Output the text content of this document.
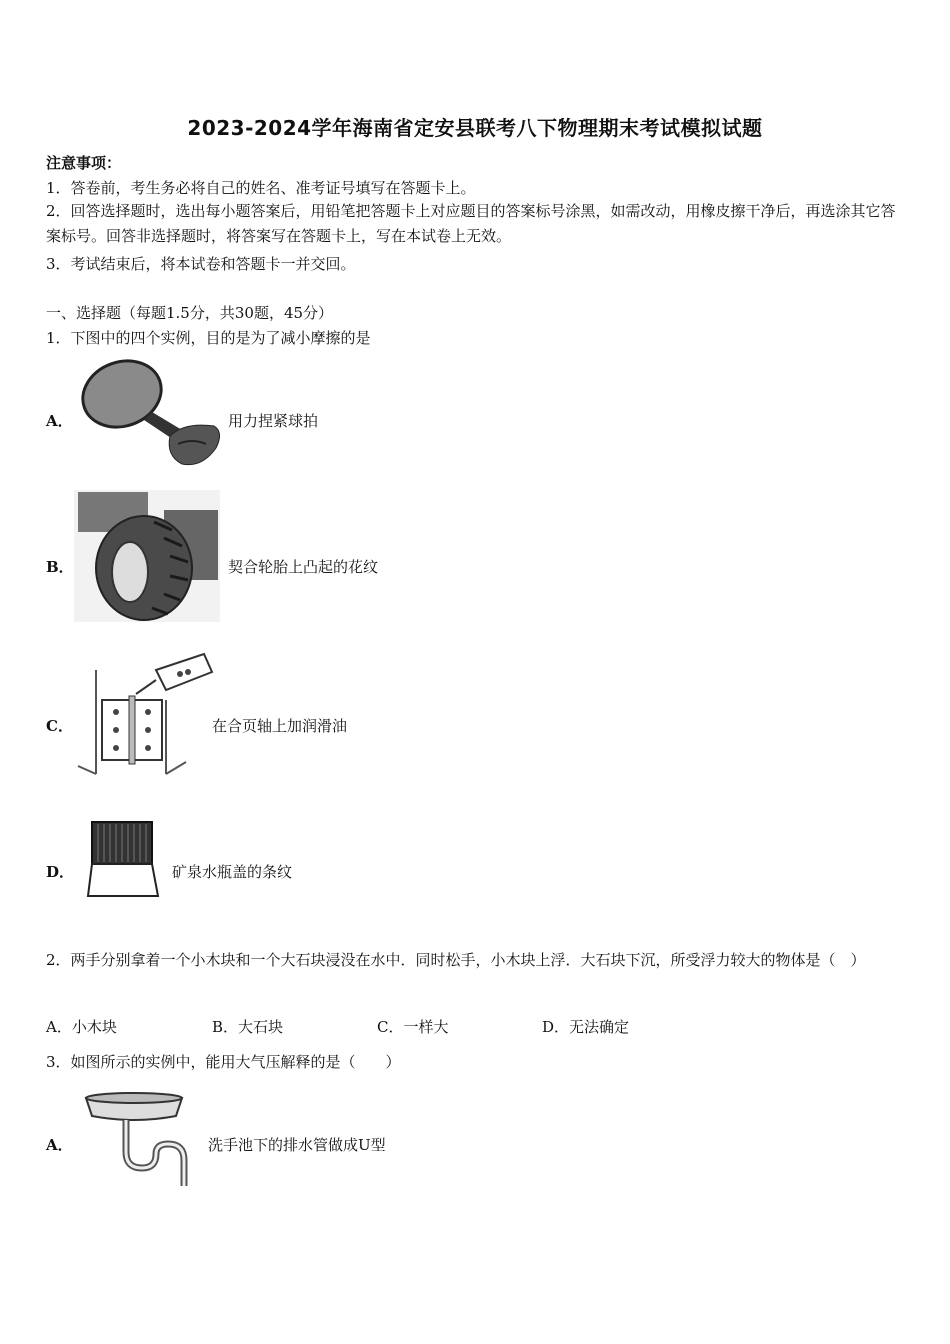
2023-2024学年海南省定安县联考八下物理期末考试模拟试题
注意事项：
1．答卷前，考生务必将自己的姓名、准考证号填写在答题卡上。
2．回答选择题时，选出每小题答案后，用铅笔把答题卡上对应题目的答案标号涂黑，如需改动，用橡皮擦干净后，再选涂其它答案标号。回答非选择题时，将答案写在答题卡上，写在本试卷上无效。
3．考试结束后，将本试卷和答题卡一并交回。
一、选择题（每题1.5分，共30题，45分）
1．下图中的四个实例，目的是为了减小摩擦的是
A．	用力捏紧球拍
B．	契合轮胎上凸起的花纹
C．	在合页轴上加润滑油
D．	矿泉水瓶盖的条纹
2．两手分别拿着一个小木块和一个大石块浸没在水中．同时松手，小木块上浮．大石块下沉，所受浮力较大的物体是（　）
A．小木块	B．大石块	C．一样大	D．无法确定
3．如图所示的实例中，能用大气压解释的是（　　）
A．	洗手池下的排水管做成U型
